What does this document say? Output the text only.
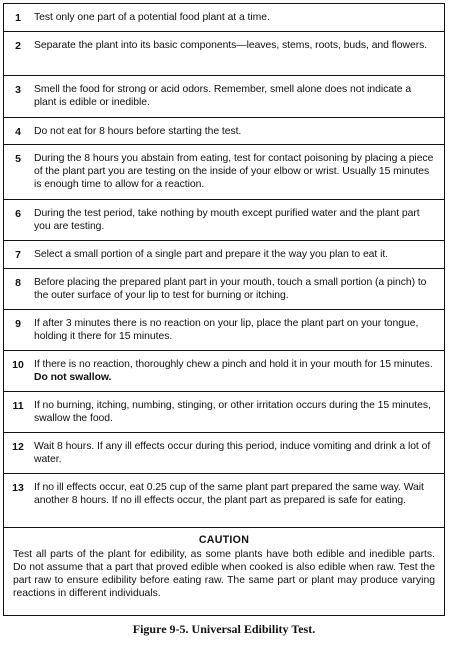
1	Test only one part of a potential food plant at a time.
2	Separate the plant into its basic components—leaves, stems, roots, buds, and flowers.
3	Smell the food for strong or acid odors. Remember, smell alone does not indicate a plant is edible or inedible.
4	Do not eat for 8 hours before starting the test.
5	During the 8 hours you abstain from eating, test for contact poisoning by placing a piece of the plant part you are testing on the inside of your elbow or wrist. Usually 15 minutes is enough time to allow for a reaction.
6	During the test period, take nothing by mouth except purified water and the plant part you are testing.
7	Select a small portion of a single part and prepare it the way you plan to eat it.
8	Before placing the prepared plant part in your mouth, touch a small portion (a pinch) to the outer surface of your lip to test for burning or itching.
9	If after 3 minutes there is no reaction on your lip, place the plant part on your tongue, holding it there for 15 minutes.
10 If there is no reaction, thoroughly chew a pinch and hold it in your mouth for 15 minutes. Do not swallow.
11	If no burning, itching, numbing, stinging, or other irritation occurs during the 15 minutes, swallow the food.
12 Wait 8 hours. If any ill effects occur during this period, induce vomiting and drink a lot of water.
13 If no ill effects occur, eat 0.25 cup of the same plant part prepared the same way. Wait another 8 hours. If no ill effects occur, the plant part as prepared is safe for eating.
CAUTION
Test all parts of the plant for edibility, as some plants have both edible and inedible parts. Do not assume that a part that proved edible when cooked is also edible when raw. Test the part raw to ensure edibility before eating raw. The same part or plant may produce varying reactions in different individuals.
Figure 9-5. Universal Edibility Test.
